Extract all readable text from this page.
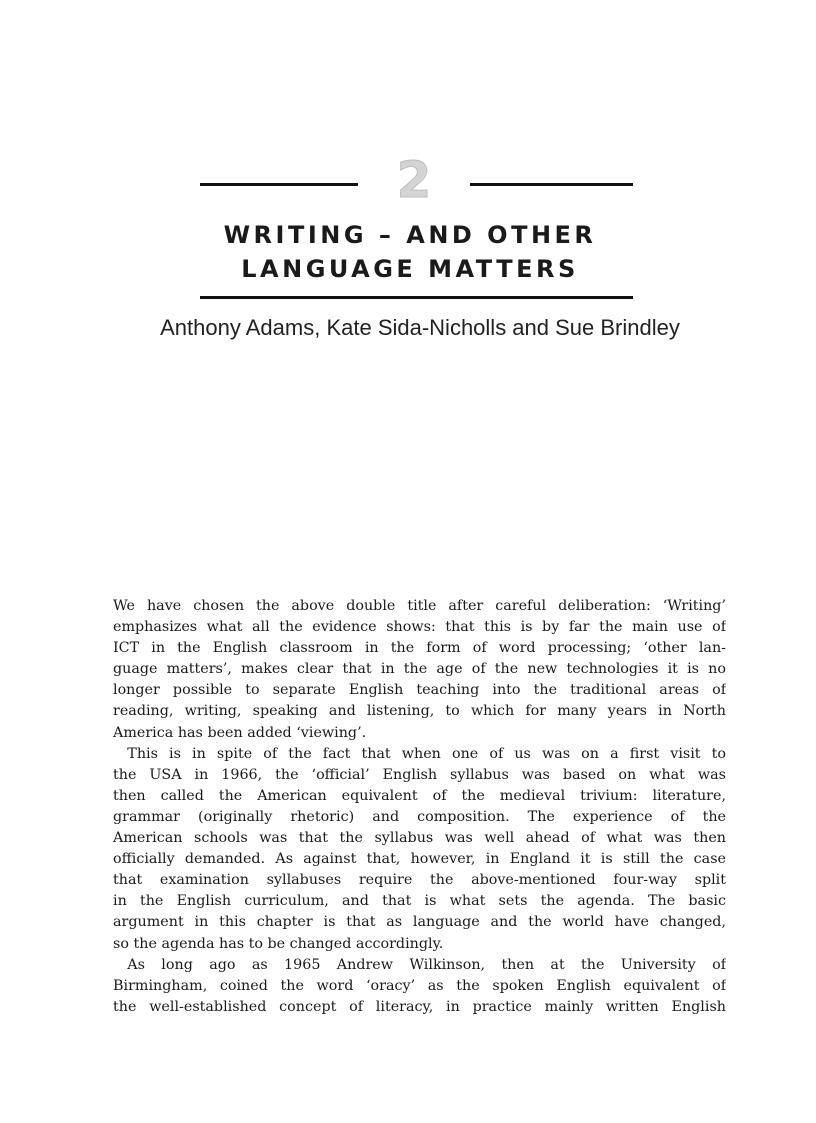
2
WRITING – AND OTHER
LANGUAGE MATTERS
Anthony Adams, Kate Sida-Nicholls and Sue Brindley
We have chosen the above double title after careful deliberation: ‘Writing’
emphasizes what all the evidence shows: that this is by far the main use of
ICT in the English classroom in the form of word processing; ‘other lan-
guage matters’, makes clear that in the age of the new technologies it is no
longer possible to separate English teaching into the traditional areas of
reading, writing, speaking and listening, to which for many years in North
America has been added ‘viewing’.
This is in spite of the fact that when one of us was on a first visit to
the USA in 1966, the ‘official’ English syllabus was based on what was
then called the American equivalent of the medieval trivium: literature,
grammar (originally rhetoric) and composition. The experience of the
American schools was that the syllabus was well ahead of what was then
officially demanded. As against that, however, in England it is still the case
that examination syllabuses require the above-mentioned four-way split
in the English curriculum, and that is what sets the agenda. The basic
argument in this chapter is that as language and the world have changed,
so the agenda has to be changed accordingly.
As long ago as 1965 Andrew Wilkinson, then at the University of
Birmingham, coined the word ‘oracy’ as the spoken English equivalent of
the well-established concept of literacy, in practice mainly written English
